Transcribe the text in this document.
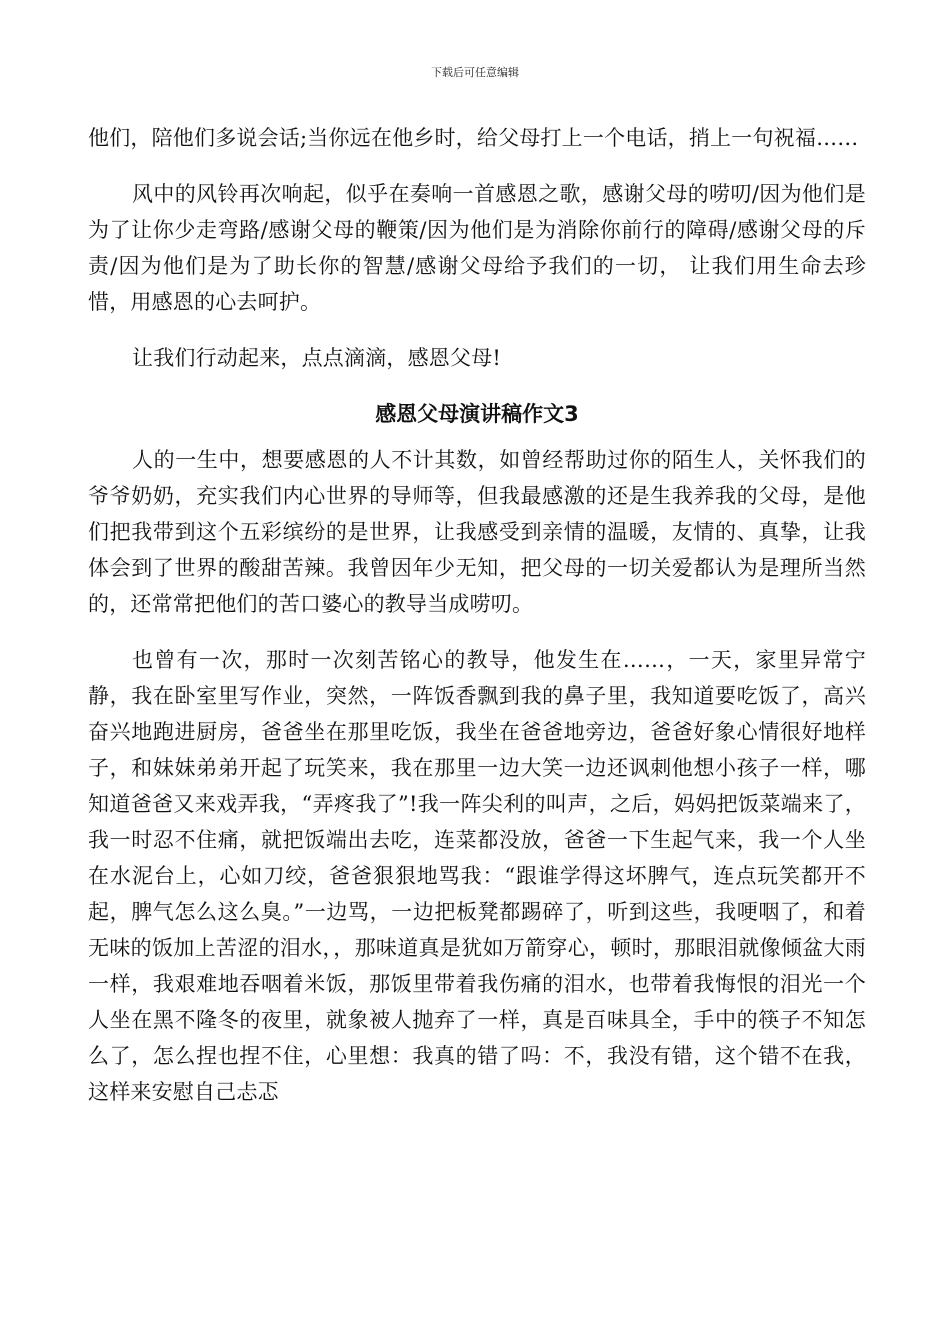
下载后可任意编辑

他们，陪他们多说会话;当你远在他乡时，给父母打上一个电话，捎上一句祝福……

风中的风铃再次响起，似乎在奏响一首感恩之歌，感谢父母的唠叨/因为他们是为了让你少走弯路/感谢父母的鞭策/因为他们是为消除你前行的障碍/感谢父母的斥责/因为他们是为了助长你的智慧/感谢父母给予我们的一切， 让我们用生命去珍惜，用感恩的心去呵护。

让我们行动起来，点点滴滴，感恩父母!

感恩父母演讲稿作文3

人的一生中，想要感恩的人不计其数，如曾经帮助过你的陌生人，关怀我们的爷爷奶奶，充实我们内心世界的导师等，但我最感激的还是生我养我的父母，是他们把我带到这个五彩缤纷的是世界，让我感受到亲情的温暖，友情的、真挚，让我体会到了世界的酸甜苦辣。我曾因年少无知，把父母的一切关爱都认为是理所当然的，还常常把他们的苦口婆心的教导当成唠叨。

也曾有一次，那时一次刻苦铭心的教导，他发生在……，一天，家里异常宁静，我在卧室里写作业，突然，一阵饭香飘到我的鼻子里，我知道要吃饭了，高兴奋兴地跑进厨房，爸爸坐在那里吃饭，我坐在爸爸地旁边，爸爸好象心情很好地样子，和妹妹弟弟开起了玩笑来，我在那里一边大笑一边还讽刺他想小孩子一样，哪知道爸爸又来戏弄我，“弄疼我了”!我一阵尖利的叫声，之后，妈妈把饭菜端来了，我一时忍不住痛，就把饭端出去吃，连菜都没放，爸爸一下生起气来，我一个人坐在水泥台上，心如刀绞，爸爸狠狠地骂我：“跟谁学得这坏脾气，连点玩笑都开不起，脾气怎么这么臭。”一边骂，一边把板凳都踢碎了，听到这些，我哽咽了，和着无味的饭加上苦涩的泪水，，那味道真是犹如万箭穿心，顿时，那眼泪就像倾盆大雨一样，我艰难地吞咽着米饭，那饭里带着我伤痛的泪水，也带着我悔恨的泪光一个人坐在黑不隆冬的夜里，就象被人抛弃了一样，真是百味具全，手中的筷子不知怎么了，怎么捏也捏不住，心里想：我真的错了吗：不，我没有错，这个错不在我，这样来安慰自己忐忑
